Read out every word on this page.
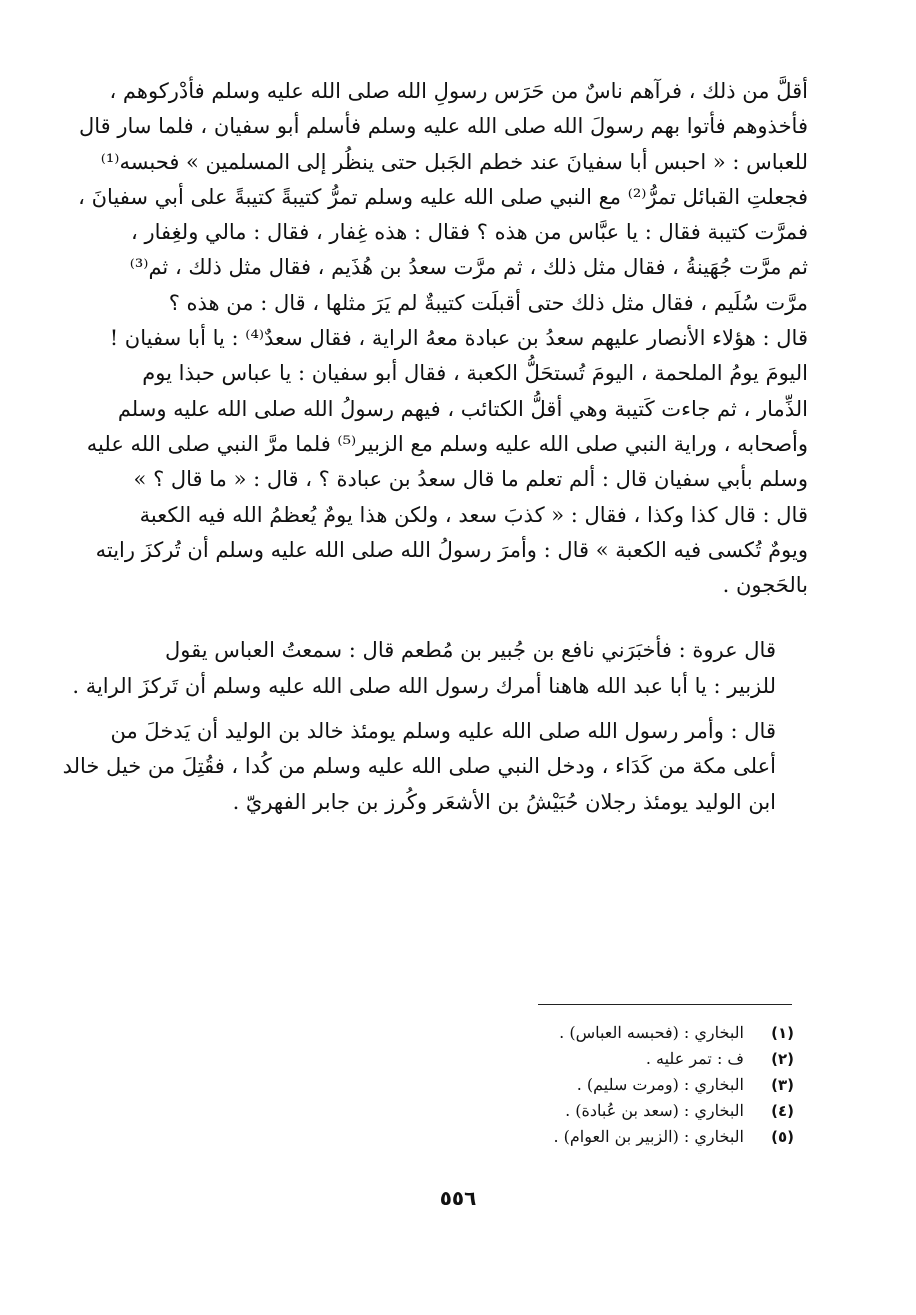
أقلَّ من ذلك ، فرآهم ناسٌ من حَرَس رسولِ الله صلى الله عليه وسلم فأدْركوهم ،
فأخذوهم فأتوا بهم رسولَ الله صلى الله عليه وسلم فأسلم أبو سفيان ، فلما سار قال
للعباس : « احبس أبا سفيانَ عند خطم الجَبل حتى ينظُر إلى المسلمين » فحبسه⁽¹⁾
فجعلتِ القبائل تمرُّ⁽²⁾ مع النبي صلى الله عليه وسلم تمرُّ كتيبةً كتيبةً على أبي سفيانَ ،
فمرَّت كتيبة فقال : يا عبَّاس من هذه ؟ فقال : هذه غِفار ، فقال : مالي ولغِفار ،
ثم مرَّت جُهَينةُ ، فقال مثل ذلك ، ثم مرَّت سعدُ بن هُذَيم ، فقال مثل ذلك ، ثم⁽³⁾
مرَّت سُلَيم ، فقال مثل ذلك حتى أقبلَت كتيبةٌ لم يَرَ مثلها ، قال : من هذه ؟
قال : هؤلاء الأنصار عليهم سعدُ بن عبادة معهُ الراية ، فقال سعدٌ⁽⁴⁾ : يا أبا سفيان !
اليومَ يومُ الملحمة ، اليومَ تُستحَلُّ الكعبة ، فقال أبو سفيان : يا عباس حبذا يوم
الذِّمار ، ثم جاءت كَتيبة وهي أقلُّ الكتائب ، فيهم رسولُ الله صلى الله عليه وسلم
وأصحابه ، وراية النبي صلى الله عليه وسلم مع الزبير⁽⁵⁾ فلما مرَّ النبي صلى الله عليه
وسلم بأبي سفيان قال : ألم تعلم ما قال سعدُ بن عبادة ؟ ، قال : « ما قال ؟ »
قال : قال كذا وكذا ، فقال : « كذبَ سعد ، ولكن هذا يومٌ يُعظمُ الله فيه الكعبة
ويومٌ تُكسى فيه الكعبة » قال : وأمرَ رسولُ الله صلى الله عليه وسلم أن تُركزَ رايته
بالحَجون .

قال عروة : فأخبَرَني نافع بن جُبير بن مُطعم قال : سمعتُ العباس يقول
للزبير : يا أبا عبد الله هاهنا أمرك رسول الله صلى الله عليه وسلم أن تَركزَ الراية .

قال : وأمر رسول الله صلى الله عليه وسلم يومئذ خالد بن الوليد أن يَدخلَ من
أعلى مكة من كَدَاء ، ودخل النبي صلى الله عليه وسلم من كُدا ، فقُتِلَ من خيل خالد
ابن الوليد يومئذ رجلان حُبَيْشُ بن الأشعَر وكُرز بن جابر الفهريّ .

(١)
البخاري : (فحبسه العباس) .
(٢)
ف : تمر عليه .
(٣)
البخاري : (ومرت سليم) .
(٤)
البخاري : (سعد بن عُبادة) .
(٥)
البخاري : (الزبير بن العوام) .
٥٥٦
